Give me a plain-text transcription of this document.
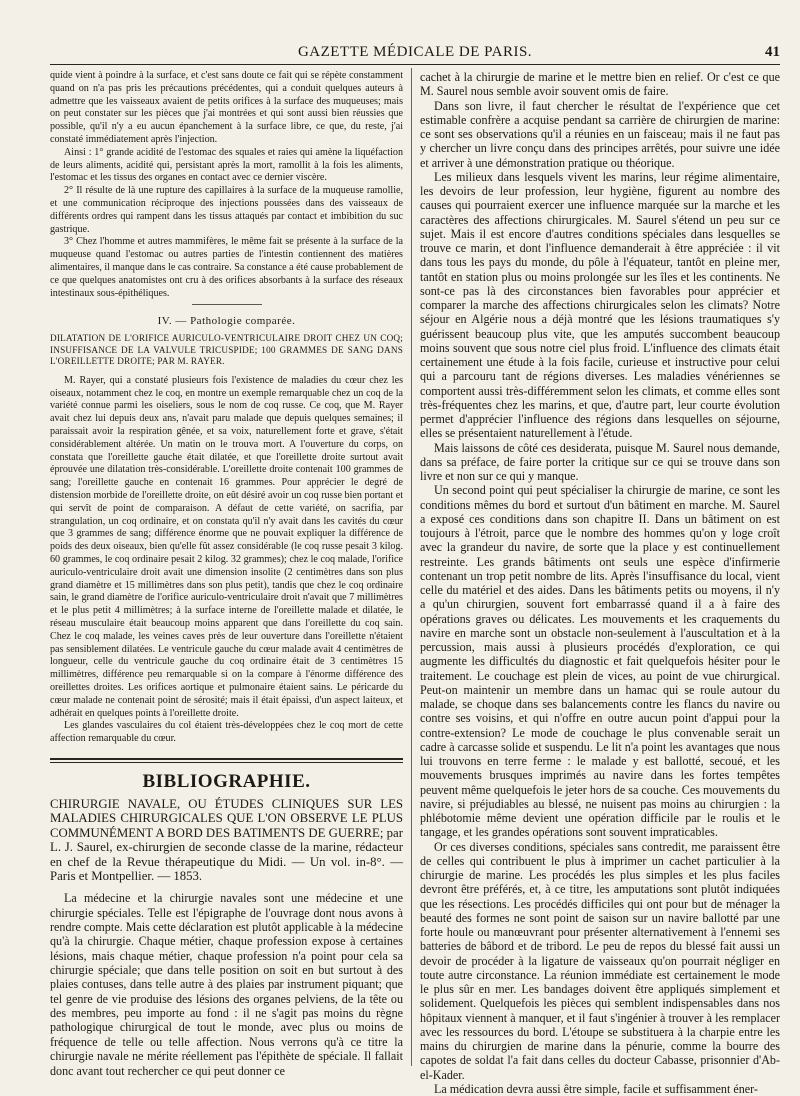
GAZETTE MÉDICALE DE PARIS.	41

quide vient à poindre à la surface, et c'est sans doute ce fait qui se répète constamment quand on n'a pas pris les précautions précédentes, qui a conduit quelques auteurs à admettre que les vaisseaux avaient de petits orifices à la surface des muqueuses; mais on peut constater sur les pièces que j'ai montrées et qui sont aussi bien réussies que possible, qu'il n'y a eu aucun épanchement à la surface libre, ce que, du reste, j'ai constaté immédiatement après l'injection.

Ainsi : 1° grande acidité de l'estomac des squales et raies qui amène la liquéfaction de leurs aliments, acidité qui, persistant après la mort, ramollit à la fois les aliments, l'estomac et les tissus des organes en contact avec ce dernier viscère.

2° Il résulte de là une rupture des capillaires à la surface de la muqueuse ramollie, et une communication réciproque des injections poussées dans des vaisseaux de différents ordres qui rampent dans les tissus attaqués par contact et imbibition du suc gastrique.

3° Chez l'homme et autres mammifères, le même fait se présente à la surface de la muqueuse quand l'estomac ou autres parties de l'intestin contiennent des matières alimentaires, il manque dans le cas contraire. Sa constance a été cause probablement de ce que quelques anatomistes ont cru à des orifices absorbants à la surface des réseaux intestinaux sous-épithéliques.

IV. — Pathologie comparée.
DILATATION DE L'ORIFICE AURICULO-VENTRICULAIRE DROIT CHEZ UN COQ; INSUFFISANCE DE LA VALVULE TRICUSPIDE; 100 GRAMMES DE SANG DANS L'OREILLETTE DROITE; PAR M. RAYER.

M. Rayer, qui a constaté plusieurs fois l'existence de maladies du cœur chez les oiseaux, notamment chez le coq, en montre un exemple remarquable chez un coq de la variété connue parmi les oiseliers, sous le nom de coq russe. Ce coq, que M. Rayer avait chez lui depuis deux ans, n'avait paru malade que depuis quelques semaines; il paraissait avoir la respiration gênée, et sa voix, naturellement forte et grave, s'était considérablement altérée. Un matin on le trouva mort. A l'ouverture du corps, on constata que l'oreillette gauche était dilatée, et que l'oreillette droite surtout avait éprouvée une dilatation très-considérable. L'oreillette droite contenait 100 grammes de sang; l'oreillette gauche en contenait 16 grammes. Pour apprécier le degré de distension morbide de l'oreillette droite, on eût désiré avoir un coq russe bien portant et qui servît de point de comparaison. A défaut de cette variété, on sacrifia, par strangulation, un coq ordinaire, et on constata qu'il n'y avait dans les cavités du cœur que 3 grammes de sang; différence énorme que ne pouvait expliquer la différence de poids des deux oiseaux, bien qu'elle fût assez considérable (le coq russe pesait 3 kilog. 60 grammes, le coq ordinaire pesait 2 kilog. 32 grammes); chez le coq malade, l'orifice auriculo-ventriculaire droit avait une dimension insolite (2 centimètres dans son plus grand diamètre et 15 millimètres dans son plus petit), tandis que chez le coq ordinaire sain, le grand diamètre de l'orifice auriculo-ventriculaire droit n'avait que 7 millimètres et le plus petit 4 millimètres; à la surface interne de l'oreillette malade et dilatée, le réseau musculaire était beaucoup moins apparent que dans l'oreillette du coq sain. Chez le coq malade, les veines caves près de leur ouverture dans l'oreillette n'étaient pas sensiblement dilatées. Le ventricule gauche du cœur malade avait 4 centimètres de longueur, celle du ventricule gauche du coq ordinaire était de 3 centimètres 15 millimètres, différence peu remarquable si on la compare à l'énorme différence des oreillettes droites. Les orifices aortique et pulmonaire étaient sains. Le péricarde du cœur malade ne contenait point de sérosité; mais il était épaissi, d'un aspect laiteux, et adhérait en quelques points à l'oreillette droite.

Les glandes vasculaires du col étaient très-développées chez le coq mort de cette affection remarquable du cœur.

BIBLIOGRAPHIE.
CHIRURGIE NAVALE, OU ÉTUDES CLINIQUES SUR LES MALADIES CHIRURGICALES QUE L'ON OBSERVE LE PLUS COMMUNÉMENT A BORD DES BATIMENTS DE GUERRE; par L. J. Saurel, ex-chirurgien de seconde classe de la marine, rédacteur en chef de la Revue thérapeutique du Midi. — Un vol. in-8°. — Paris et Montpellier. — 1853.

La médecine et la chirurgie navales sont une médecine et une chirurgie spéciales. Telle est l'épigraphe de l'ouvrage dont nous avons à rendre compte. Mais cette déclaration est plutôt applicable à la médecine qu'à la chirurgie. Chaque métier, chaque profession expose à certaines lésions, mais chaque métier, chaque profession n'a point pour cela sa chirurgie spéciale; que dans telle position on soit en but surtout à des plaies contuses, dans telle autre à des plaies par instrument piquant; que tel genre de vie produise des lésions des organes pelviens, de la tête ou des membres, peu importe au fond : il ne s'agit pas moins du règne pathologique chirurgical de tout le monde, avec plus ou moins de fréquence de telle ou telle affection. Nous verrons qu'à ce titre la chirurgie navale ne mérite réellement pas l'épithète de spéciale. Il fallait donc avant tout rechercher ce qui peut donner ce

cachet à la chirurgie de marine et le mettre bien en relief. Or c'est ce que M. Saurel nous semble avoir souvent omis de faire.

Dans son livre, il faut chercher le résultat de l'expérience que cet estimable confrère a acquise pendant sa carrière de chirurgien de marine: ce sont ses observations qu'il a réunies en un faisceau; mais il ne faut pas y chercher un livre conçu dans des principes arrêtés, pour suivre une idée et arriver à une démonstration pratique ou théorique.

Les milieux dans lesquels vivent les marins, leur régime alimentaire, les devoirs de leur profession, leur hygiène, figurent au nombre des causes qui pourraient exercer une influence marquée sur la marche et les caractères des affections chirurgicales. M. Saurel s'étend un peu sur ce sujet. Mais il est encore d'autres conditions spéciales dans lesquelles se trouve ce marin, et dont l'influence demanderait à être appréciée : il vit dans tous les pays du monde, du pôle à l'équateur, tantôt en pleine mer, tantôt en station plus ou moins prolongée sur les îles et les continents. Ne sont-ce pas là des circonstances bien favorables pour apprécier et comparer la marche des affections chirurgicales selon les climats? Notre séjour en Algérie nous a déjà montré que les lésions traumatiques s'y guérissent beaucoup plus vite, que les amputés succombent beaucoup moins souvent que sous notre ciel plus froid. L'influence des climats était certainement une étude à la fois facile, curieuse et instructive pour celui qui a parcouru tant de régions diverses. Les maladies vénériennes se comportent aussi très-différemment selon les climats, et comme elles sont très-fréquentes chez les marins, et que, d'autre part, leur courte évolution permet d'apprécier l'influence des régions dans lesquelles on séjourne, elles se présentaient naturellement à l'étude.

Mais laissons de côté ces desiderata, puisque M. Saurel nous demande, dans sa préface, de faire porter la critique sur ce qui se trouve dans son livre et non sur ce qui y manque.

Un second point qui peut spécialiser la chirurgie de marine, ce sont les conditions mêmes du bord et surtout d'un bâtiment en marche. M. Saurel a exposé ces conditions dans son chapitre II. Dans un bâtiment on est toujours à l'étroit, parce que le nombre des hommes qu'on y loge croît avec la grandeur du navire, de sorte que la place y est continuellement restreinte. Les grands bâtiments ont seuls une espèce d'infirmerie contenant un trop petit nombre de lits. Après l'insuffisance du local, vient celle du matériel et des aides. Dans les bâtiments petits ou moyens, il n'y a qu'un chirurgien, souvent fort embarrassé quand il a à faire des opérations graves ou délicates. Les mouvements et les craquements du navire en marche sont un obstacle non-seulement à l'auscultation et à la percussion, mais aussi à plusieurs procédés d'exploration, ce qui augmente les difficultés du diagnostic et fait quelquefois hésiter pour le traitement. Le couchage est plein de vices, au point de vue chirurgical. Peut-on maintenir un membre dans un hamac qui se roule autour du malade, se choque dans ses balancements contre les flancs du navire ou contre ses voisins, et qui n'offre en outre aucun point d'appui pour la contre-extension? Le mode de couchage le plus convenable serait un cadre à carcasse solide et suspendu. Le lit n'a point les avantages que nous lui trouvons en terre ferme : le malade y est ballotté, secoué, et les mouvements brusques imprimés au navire dans les fortes tempêtes peuvent même quelquefois le jeter hors de sa couche. Ces mouvements du navire, si préjudiables au blessé, ne nuisent pas moins au chirurgien : la phlébotomie même devient une opération difficile par le roulis et le tangage, et les grandes opérations sont souvent impraticables.

Or ces diverses conditions, spéciales sans contredit, me paraissent être de celles qui contribuent le plus à imprimer un cachet particulier à la chirurgie de marine. Les procédés les plus simples et les plus faciles devront être préférés, et, à ce titre, les amputations sont plutôt indiquées que les résections. Les procédés difficiles qui ont pour but de ménager la beauté des formes ne sont point de saison sur un navire ballotté par une forte houle ou manœuvrant pour présenter alternativement à l'ennemi ses batteries de bâbord et de tribord. Le peu de repos du blessé fait aussi un devoir de procéder à la ligature de vaisseaux qu'on pourrait négliger en toute autre circonstance. La réunion immédiate est certainement le mode le plus sûr en mer. Les bandages doivent être appliqués simplement et solidement. Quelquefois les pièces qui semblent indispensables dans nos hôpitaux viennent à manquer, et il faut s'ingénier à trouver à les remplacer avec les ressources du bord. L'étoupe se substituera à la charpie entre les mains du chirurgien de marine dans la pénurie, comme la bourre des capotes de soldat l'a fait dans celles du docteur Cabasse, prisonnier d'Ab-el-Kader.

La médication devra aussi être simple, facile et suffisamment éner-
